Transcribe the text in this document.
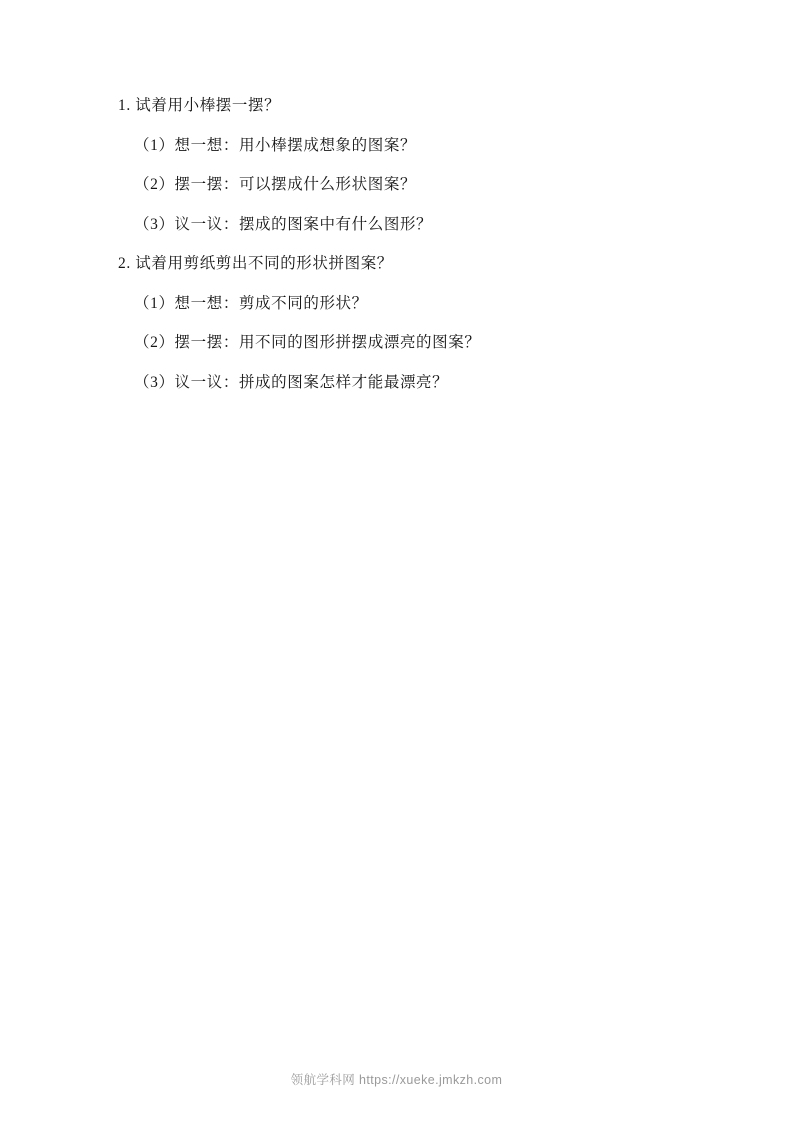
1. 试着用小棒摆一摆？
（1）想一想：用小棒摆成想象的图案？
（2）摆一摆：可以摆成什么形状图案？
（3）议一议：摆成的图案中有什么图形？
2. 试着用剪纸剪出不同的形状拼图案？
（1）想一想：剪成不同的形状？
（2）摆一摆：用不同的图形拼摆成漂亮的图案？
（3）议一议：拼成的图案怎样才能最漂亮？
领航学科网 https://xueke.jmkzh.com
